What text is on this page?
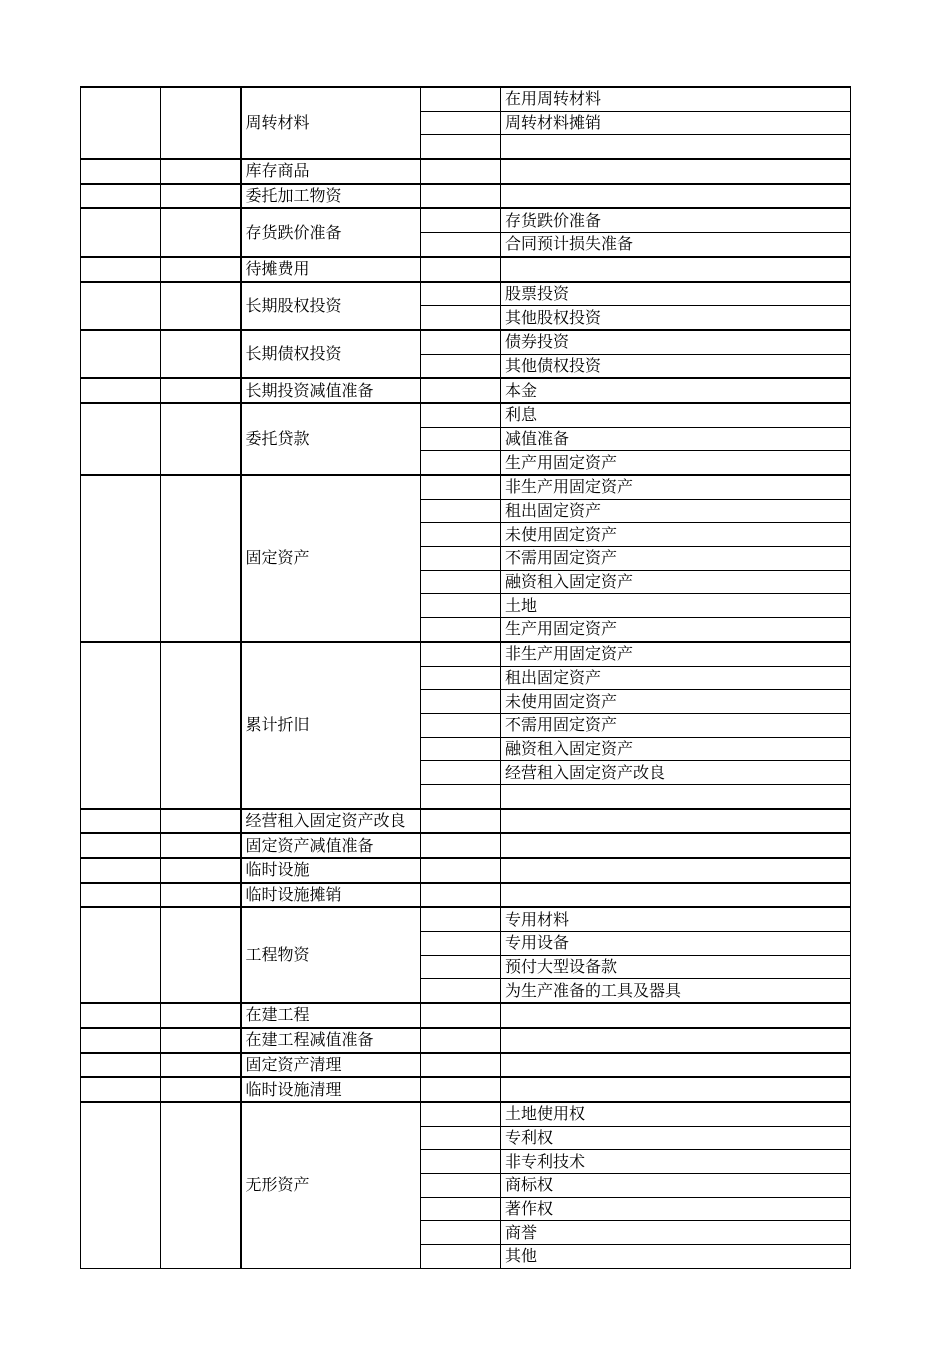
		周转材料		在用周转材料
				周转材料摊销

		库存商品		
		委托加工物资		
		存货跌价准备		存货跌价准备
				合同预计损失准备
		待摊费用		
		长期股权投资		股票投资
				其他股权投资
		长期债权投资		债券投资
				其他债权投资
		长期投资减值准备		本金
		委托贷款		利息
				减值准备
				生产用固定资产
		固定资产		非生产用固定资产
				租出固定资产
				未使用固定资产
				不需用固定资产
				融资租入固定资产
				土地
				生产用固定资产
		累计折旧		非生产用固定资产
				租出固定资产
				未使用固定资产
				不需用固定资产
				融资租入固定资产
				经营租入固定资产改良

		经营租入固定资产改良		
		固定资产减值准备		
		临时设施		
		临时设施摊销		
		工程物资		专用材料
				专用设备
				预付大型设备款
				为生产准备的工具及器具
		在建工程		
		在建工程减值准备		
		固定资产清理		
		临时设施清理		
		无形资产		土地使用权
				专利权
				非专利技术
				商标权
				著作权
				商誉
				其他
